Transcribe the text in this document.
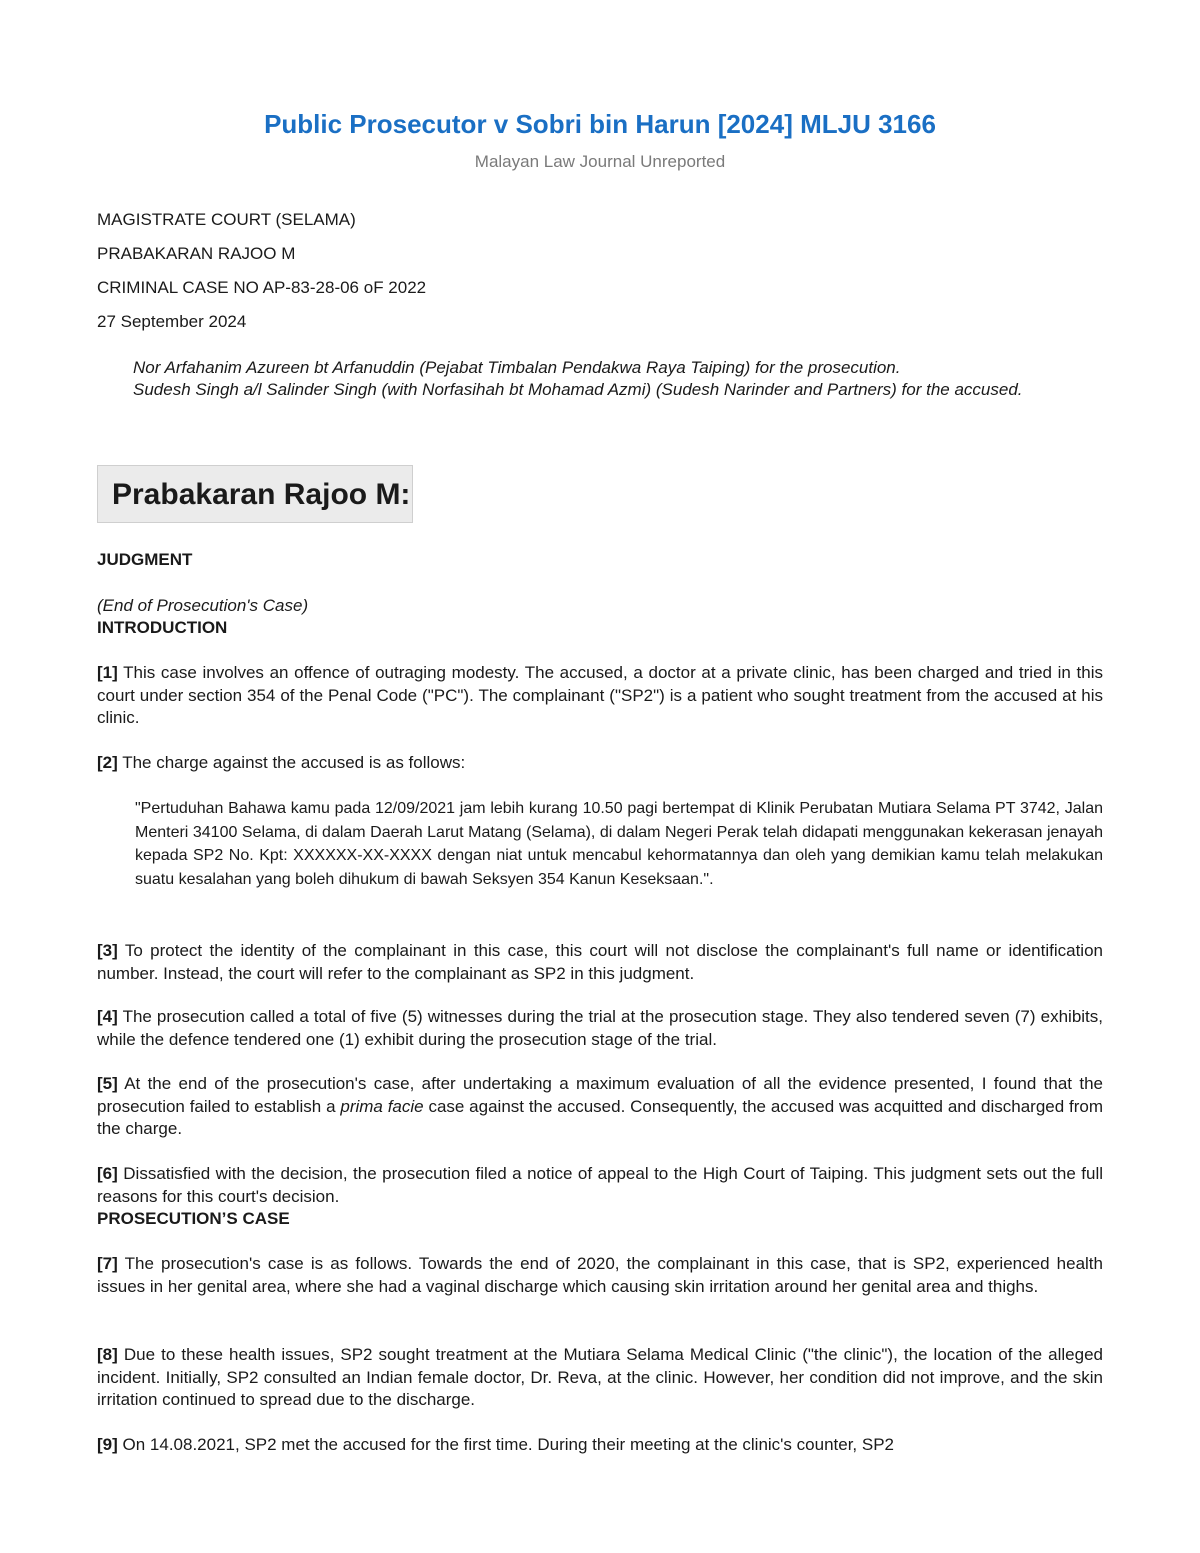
Public Prosecutor v Sobri bin Harun [2024] MLJU 3166
Malayan Law Journal Unreported
MAGISTRATE COURT (SELAMA)
PRABAKARAN RAJOO M
CRIMINAL CASE NO AP-83-28-06 oF 2022
27 September 2024
Nor Arfahanim Azureen bt Arfanuddin (Pejabat Timbalan Pendakwa Raya Taiping) for the prosecution.
Sudesh Singh a/l Salinder Singh (with Norfasihah bt Mohamad Azmi) (Sudesh Narinder and Partners) for the accused.
Prabakaran Rajoo M:
JUDGMENT
(End of Prosecution's Case)
INTRODUCTION
[1] This case involves an offence of outraging modesty. The accused, a doctor at a private clinic, has been charged and tried in this court under section 354 of the Penal Code ("PC"). The complainant ("SP2") is a patient who sought treatment from the accused at his clinic.
[2] The charge against the accused is as follows:
"Pertuduhan Bahawa kamu pada 12/09/2021 jam lebih kurang 10.50 pagi bertempat di Klinik Perubatan Mutiara Selama PT 3742, Jalan Menteri 34100 Selama, di dalam Daerah Larut Matang (Selama), di dalam Negeri Perak telah didapati menggunakan kekerasan jenayah kepada SP2 No. Kpt: XXXXXX-XX-XXXX dengan niat untuk mencabul kehormatannya dan oleh yang demikian kamu telah melakukan suatu kesalahan yang boleh dihukum di bawah Seksyen 354 Kanun Keseksaan.".
[3] To protect the identity of the complainant in this case, this court will not disclose the complainant's full name or identification number. Instead, the court will refer to the complainant as SP2 in this judgment.
[4] The prosecution called a total of five (5) witnesses during the trial at the prosecution stage. They also tendered seven (7) exhibits, while the defence tendered one (1) exhibit during the prosecution stage of the trial.
[5] At the end of the prosecution's case, after undertaking a maximum evaluation of all the evidence presented, I found that the prosecution failed to establish a prima facie case against the accused. Consequently, the accused was acquitted and discharged from the charge.
[6] Dissatisfied with the decision, the prosecution filed a notice of appeal to the High Court of Taiping. This judgment sets out the full reasons for this court's decision.
PROSECUTION’S CASE
[7] The prosecution's case is as follows. Towards the end of 2020, the complainant in this case, that is SP2, experienced health issues in her genital area, where she had a vaginal discharge which causing skin irritation around her genital area and thighs.
[8] Due to these health issues, SP2 sought treatment at the Mutiara Selama Medical Clinic ("the clinic"), the location of the alleged incident. Initially, SP2 consulted an Indian female doctor, Dr. Reva, at the clinic. However, her condition did not improve, and the skin irritation continued to spread due to the discharge.
[9] On 14.08.2021, SP2 met the accused for the first time. During their meeting at the clinic's counter, SP2
